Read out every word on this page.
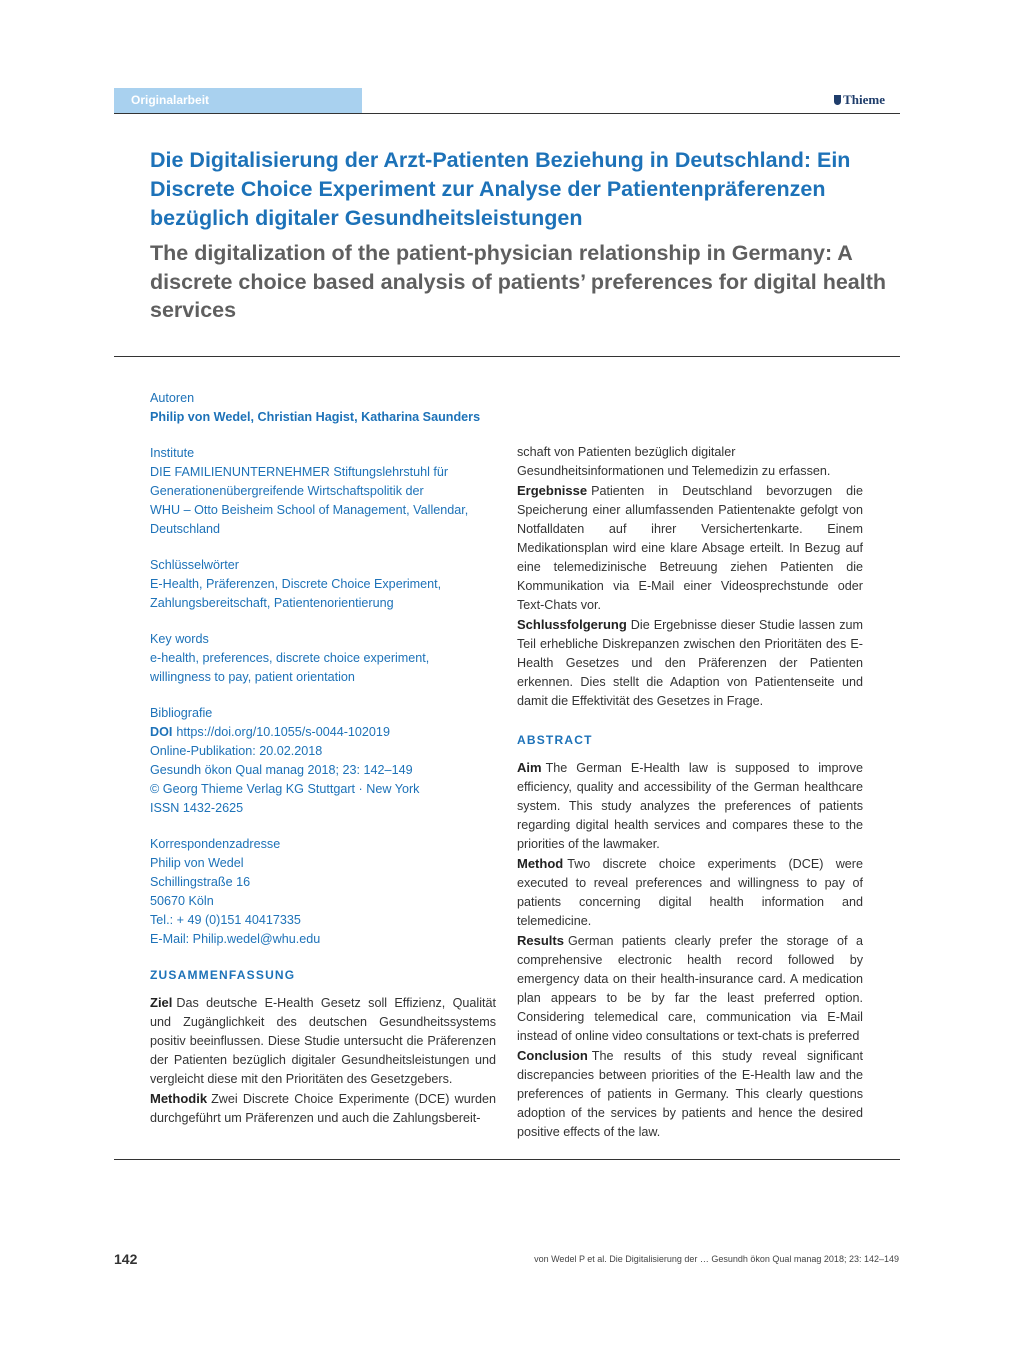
Originalarbeit	Thieme
Die Digitalisierung der Arzt-Patienten Beziehung in Deutschland: Ein Discrete Choice Experiment zur Analyse der Patientenpräferenzen bezüglich digitaler Gesundheitsleistungen
The digitalization of the patient-physician relationship in Germany: A discrete choice based analysis of patients’ preferences for digital health services
Autoren
Philip von Wedel, Christian Hagist, Katharina Saunders
Institute
DIE FAMILIENUNTERNEHMER Stiftungslehrstuhl für
Generationenübergreifende Wirtschaftspolitik der
WHU – Otto Beisheim School of Management, Vallendar,
Deutschland
Schlüsselwörter
E-Health, Präferenzen, Discrete Choice Experiment,
Zahlungsbereitschaft, Patientenorientierung
Key words
e-health, preferences, discrete choice experiment,
willingness to pay, patient orientation
Bibliografie
DOI https://doi.org/10.1055/s-0044-102019
Online-Publikation: 20.02.2018
Gesundh ökon Qual manag 2018; 23: 142–149
© Georg Thieme Verlag KG Stuttgart · New York
ISSN 1432-2625
Korrespondenzadresse
Philip von Wedel
Schillingstraße 16
50670 Köln
Tel.: + 49 (0)151 40417335
E-Mail: Philip.wedel@whu.edu
ZUSAMMENFASSUNG
Ziel Das deutsche E-Health Gesetz soll Effizienz, Qualität und Zugänglichkeit des deutschen Gesundheitssystems positiv beeinflussen. Diese Studie untersucht die Präferenzen der Patienten bezüglich digitaler Gesundheitsleistungen und vergleicht diese mit den Prioritäten des Gesetzgebers.
Methodik Zwei Discrete Choice Experimente (DCE) wurden durchgeführt um Präferenzen und auch die Zahlungsbereit-
schaft von Patienten bezüglich digitaler Gesundheitsinformationen und Telemedizin zu erfassen.
Ergebnisse Patienten in Deutschland bevorzugen die Speicherung einer allumfassenden Patientenakte gefolgt von Notfalldaten auf ihrer Versichertenkarte. Einem Medikationsplan wird eine klare Absage erteilt. In Bezug auf eine telemedizinische Betreuung ziehen Patienten die Kommunikation via E-Mail einer Videosprechstunde oder Text-Chats vor.
Schlussfolgerung Die Ergebnisse dieser Studie lassen zum Teil erhebliche Diskrepanzen zwischen den Prioritäten des E-Health Gesetzes und den Präferenzen der Patienten erkennen. Dies stellt die Adaption von Patientenseite und damit die Effektivität des Gesetzes in Frage.
ABSTRACT
Aim The German E-Health law is supposed to improve efficiency, quality and accessibility of the German healthcare system. This study analyzes the preferences of patients regarding digital health services and compares these to the priorities of the lawmaker.
Method Two discrete choice experiments (DCE) were executed to reveal preferences and willingness to pay of patients concerning digital health information and telemedicine.
Results German patients clearly prefer the storage of a comprehensive electronic health record followed by emergency data on their health-insurance card. A medication plan appears to be by far the least preferred option. Considering telemedical care, communication via E-Mail instead of online video consultations or text-chats is preferred
Conclusion The results of this study reveal significant discrepancies between priorities of the E-Health law and the preferences of patients in Germany. This clearly questions adoption of the services by patients and hence the desired positive effects of the law.
142	von Wedel P et al. Die Digitalisierung der … Gesundh ökon Qual manag 2018; 23: 142–149
